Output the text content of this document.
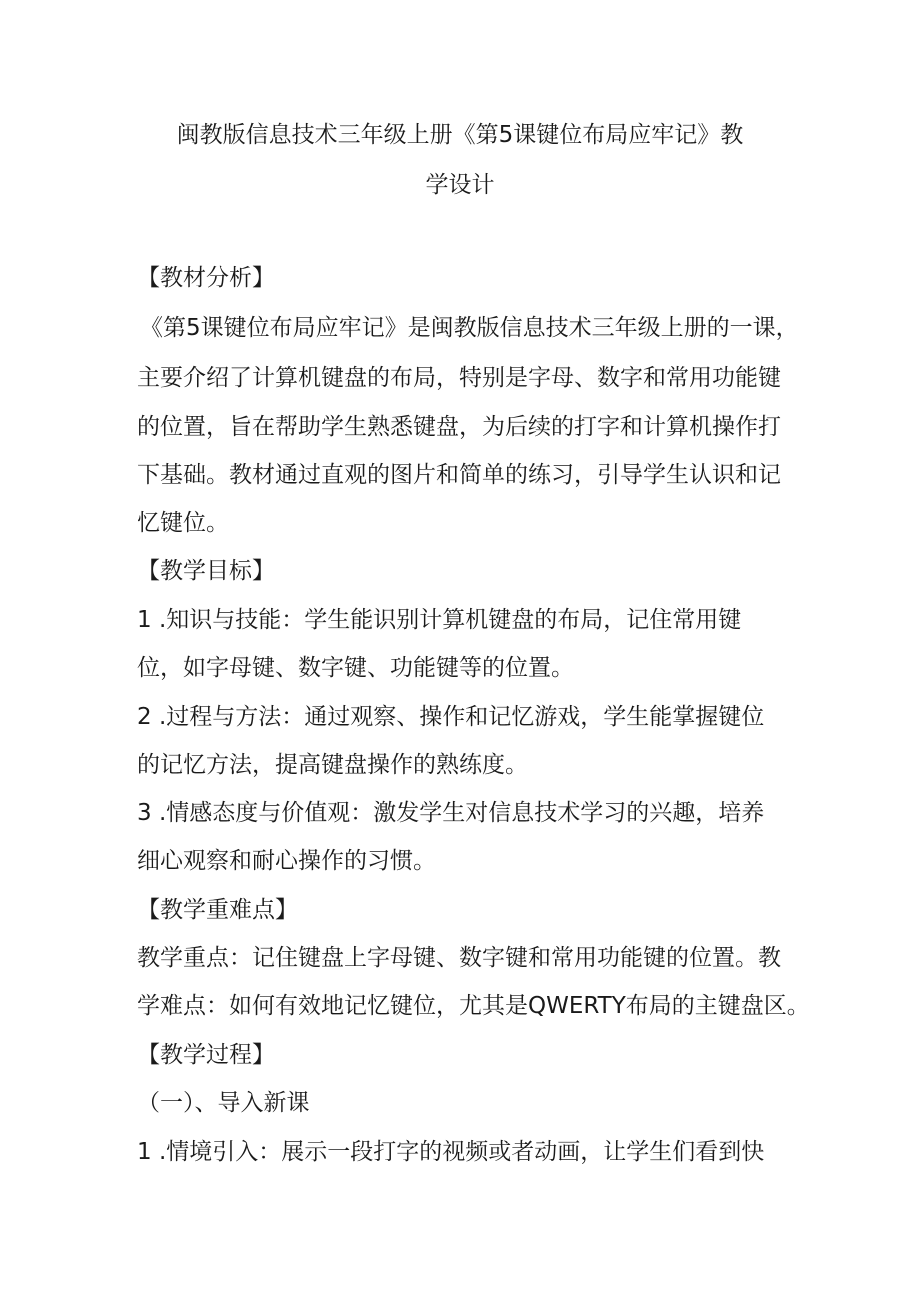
闽教版信息技术三年级上册《第5课键位布局应牢记》教
学设计
【教材分析】
《第5课键位布局应牢记》是闽教版信息技术三年级上册的一课，
主要介绍了计算机键盘的布局，特别是字母、数字和常用功能键
的位置，旨在帮助学生熟悉键盘，为后续的打字和计算机操作打
下基础。教材通过直观的图片和简单的练习，引导学生认识和记
忆键位。
【教学目标】
1 .知识与技能：学生能识别计算机键盘的布局，记住常用键
位，如字母键、数字键、功能键等的位置。
2 .过程与方法：通过观察、操作和记忆游戏，学生能掌握键位
的记忆方法，提高键盘操作的熟练度。
3 .情感态度与价值观：激发学生对信息技术学习的兴趣，培养
细心观察和耐心操作的习惯。
【教学重难点】
教学重点：记住键盘上字母键、数字键和常用功能键的位置。教
学难点：如何有效地记忆键位，尤其是QWERTY布局的主键盘区。
【教学过程】
（一）、导入新课
1 .情境引入：展示一段打字的视频或者动画，让学生们看到快
